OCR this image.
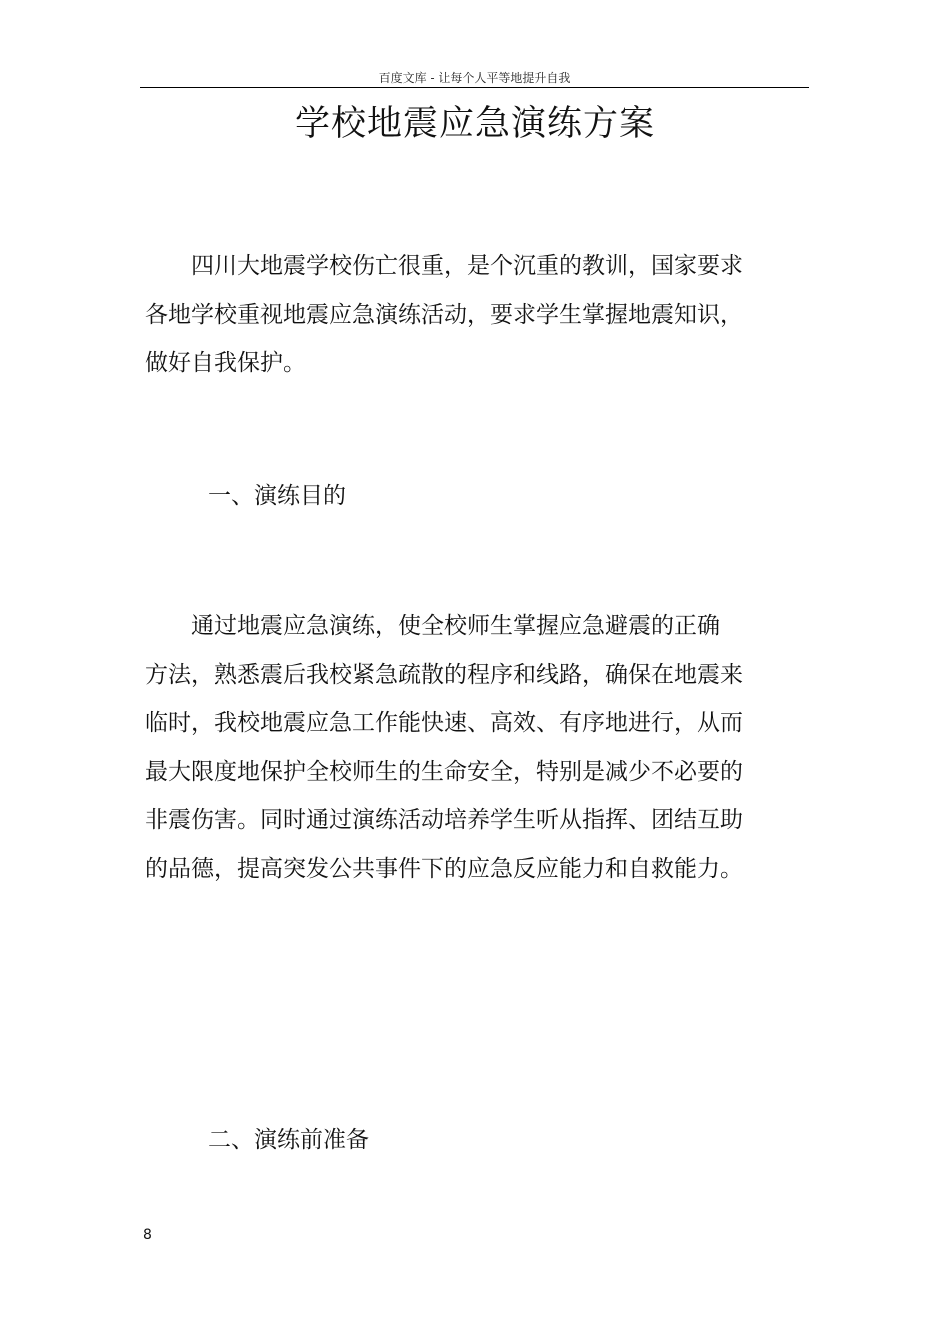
百度文库 - 让每个人平等地提升自我
学校地震应急演练方案

　　四川大地震学校伤亡很重，是个沉重的教训，国家要求
各地学校重视地震应急演练活动，要求学生掌握地震知识，
做好自我保护。

一、演练目的

　　通过地震应急演练，使全校师生掌握应急避震的正确
方法，熟悉震后我校紧急疏散的程序和线路，确保在地震来
临时，我校地震应急工作能快速、高效、有序地进行，从而
最大限度地保护全校师生的生命安全，特别是减少不必要的
非震伤害。同时通过演练活动培养学生听从指挥、团结互助
的品德，提高突发公共事件下的应急反应能力和自救能力。

二、演练前准备
8
